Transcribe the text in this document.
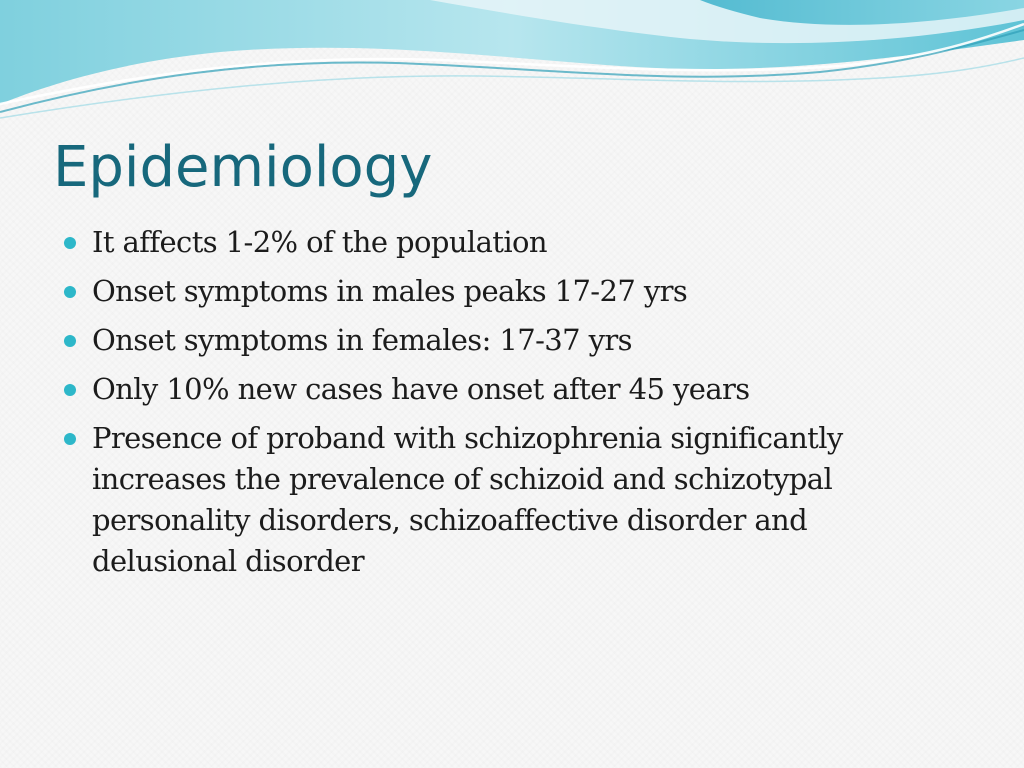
Epidemiology
It affects 1-2% of the population
Onset symptoms in males peaks 17-27 yrs
Onset symptoms in females: 17-37 yrs
Only 10% new cases have onset after 45 years
Presence of proband with schizophrenia significantly increases the prevalence of schizoid and schizotypal personality disorders, schizoaffective disorder and delusional disorder
